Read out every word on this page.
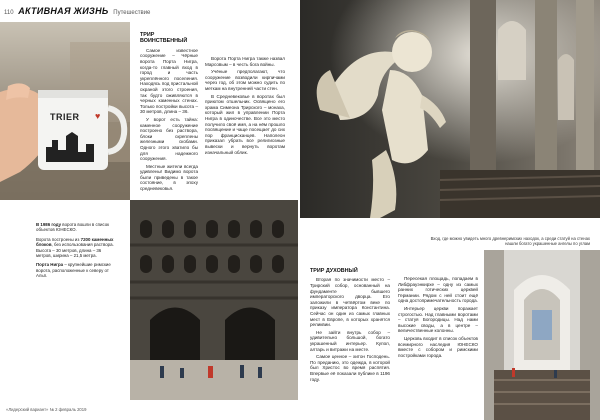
110 АКТИВНАЯ ЖИЗНЬ Путешествие
TRIER ♥
ТРИР ВОИНСТВЕННЫЙ

Самое известное сооружение – Чёрные ворота Порта Нигра, когда-то главный вход в город и часть укреплённого поселения. Находясь под пристальной охраной этого строения, так будто оживляются в черных каменных стенах. Только постройки высота – 30 метров, длина – 36.

У ворот есть тайна: каменное сооружение построено без раствора, блоки скреплены железными скобами. Одного этого хватило бы для надежного сооружения.

Местные жители всегда удивлены! Видимо ворота были приведены в такое состояние, в эпоху средневековья.

Ворота Порта Нигра также назвал Марсовым – в честь бога войны.

Учёные предполагают, что сооружение возводили кирпичами через год, об этом можно судить по меткам на внутренней части стен.

В Средневековье в воротах был приютом отшельник. Освящено его храма Симеона Трирского – монаха, который жил в управлении Порта Нигра в одиночестве. Все это место получило своё имя, а на нём прошло посвящение и чаще посещает до сих пор францисканцев. Наполеон приказал убрать все религиозные вывески и вернуть воротам изначальный облик.

Вход, где можно увидеть много древнеримских находок, а среди статуй на стенах нашли богато украшенные ангелы по углам

В 1986 году ворота вошли в список объектов ЮНЕСКО.

Ворота построены из 7200 каменных блоков, без использования раствора. Высота – 30 метров, длина – 36 метров, ширина – 21,5 метра.

Порта Нигра – крупнейшие римские ворота, расположенные к северу от Альп.

ТРИР ДУХОВНЫЙ

Вторая по значимости место – Трирский собор, основанный на фундаменте бывшего императорского дворца. Его заложили в четвёртом веке по приказу императора Константина. Сейчас он один из самых главных мест в Европе, в которых хранятся реликвии.

Не зайти внутрь собор – удивительно большой, богато украшенный интерьер. Купол, алтарь и витражи на месте.

Самое ценное – хитон Господень. По преданию, это одежда, в которой был Христос во время распятия. Впервые её показали публике в 1196 году.

Пересекая площадь, попадаем в Либфрауэнкирхе – одну из самых ранних готических церквей Германии. Рядом с ней стоит ещё одна достопримечательность города.

Интерьер церкви поражает строгостью. Над главными воротами – статуя Богородицы. Над нами высокие своды, а в центре – величественные колонны.

Церковь входит в список объектов всемирного наследия ЮНЕСКО вместе с собором и римскими постройками города.

«Лидерский вариант» № 2 февраль 2019
